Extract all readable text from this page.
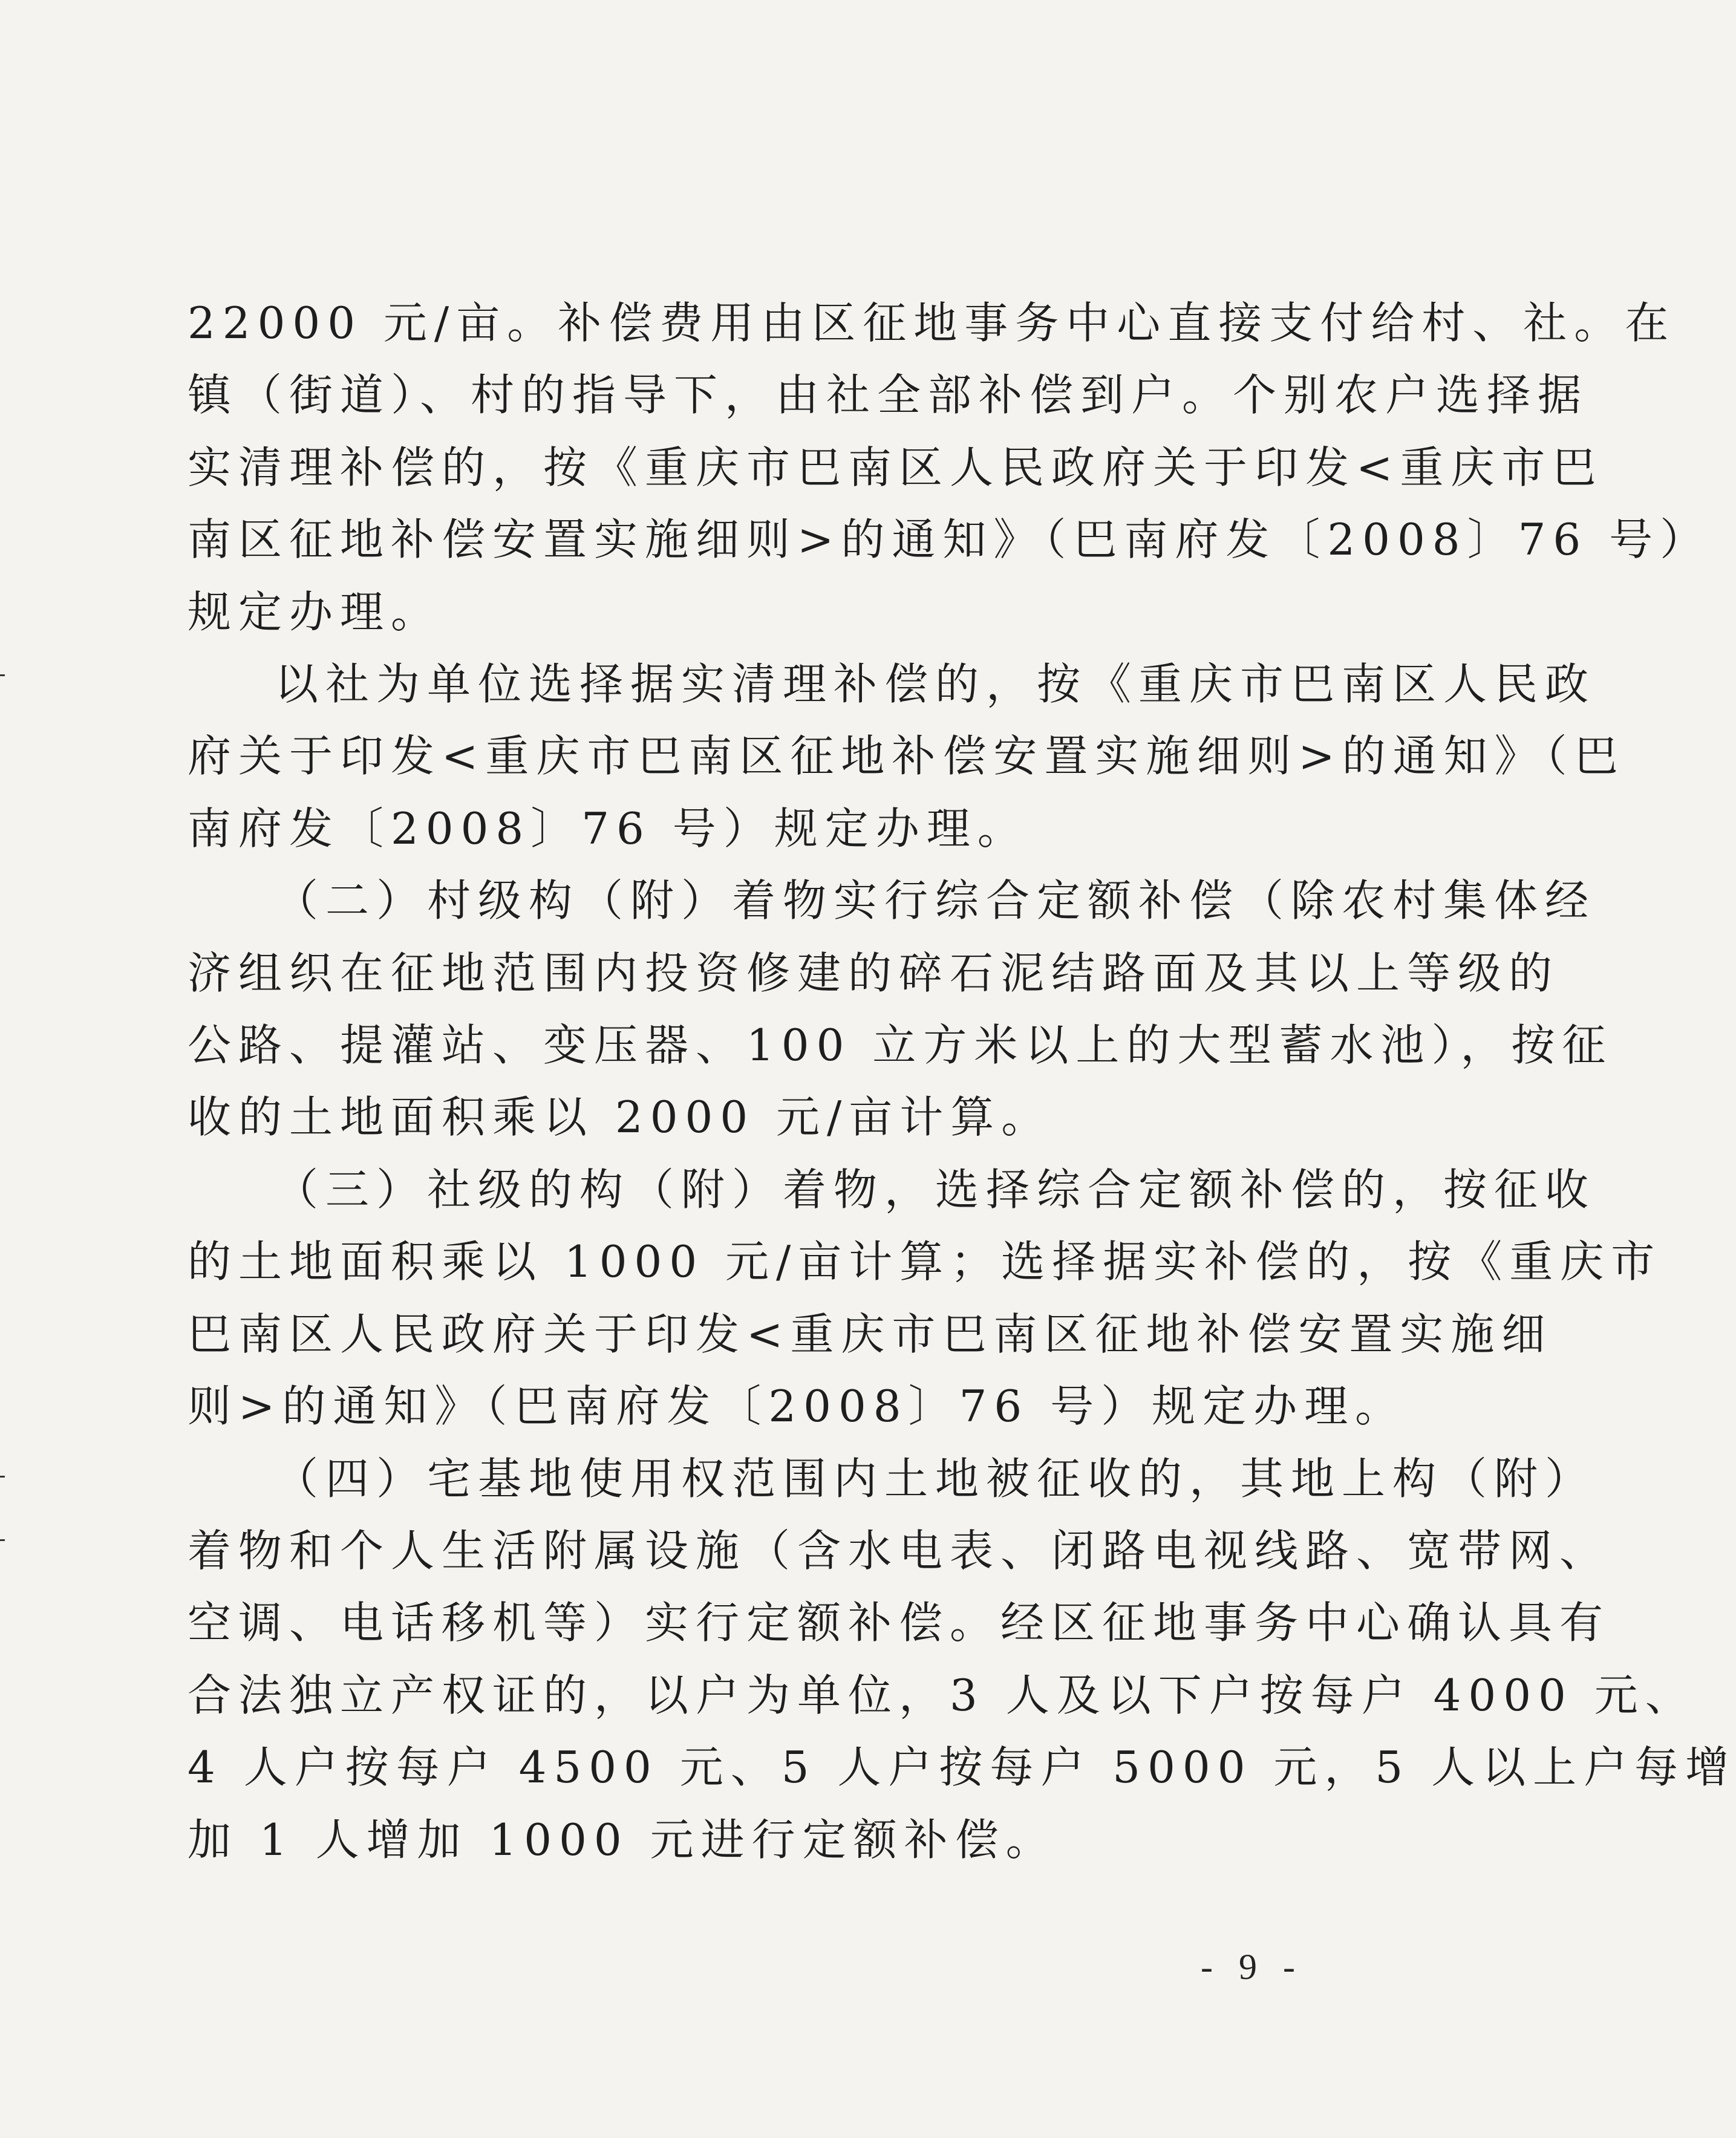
22000 元/亩。补偿费用由区征地事务中心直接支付给村、社。在
镇（街道）、村的指导下，由社全部补偿到户。个别农户选择据
实清理补偿的，按《重庆市巴南区人民政府关于印发<重庆市巴
南区征地补偿安置实施细则>的通知》（巴南府发〔2008〕76 号）
规定办理。

以社为单位选择据实清理补偿的，按《重庆市巴南区人民政
府关于印发<重庆市巴南区征地补偿安置实施细则>的通知》（巴
南府发〔2008〕76 号）规定办理。

（二）村级构（附）着物实行综合定额补偿（除农村集体经
济组织在征地范围内投资修建的碎石泥结路面及其以上等级的
公路、提灌站、变压器、100 立方米以上的大型蓄水池），按征
收的土地面积乘以 2000 元/亩计算。

（三）社级的构（附）着物，选择综合定额补偿的，按征收
的土地面积乘以 1000 元/亩计算；选择据实补偿的，按《重庆市
巴南区人民政府关于印发<重庆市巴南区征地补偿安置实施细
则>的通知》（巴南府发〔2008〕76 号）规定办理。

（四）宅基地使用权范围内土地被征收的，其地上构（附）
着物和个人生活附属设施（含水电表、闭路电视线路、宽带网、
空调、电话移机等）实行定额补偿。经区征地事务中心确认具有
合法独立产权证的，以户为单位，3 人及以下户按每户 4000 元、
4 人户按每户 4500 元、5 人户按每户 5000 元，5 人以上户每增
加 1 人增加 1000 元进行定额补偿。

- 9 -
